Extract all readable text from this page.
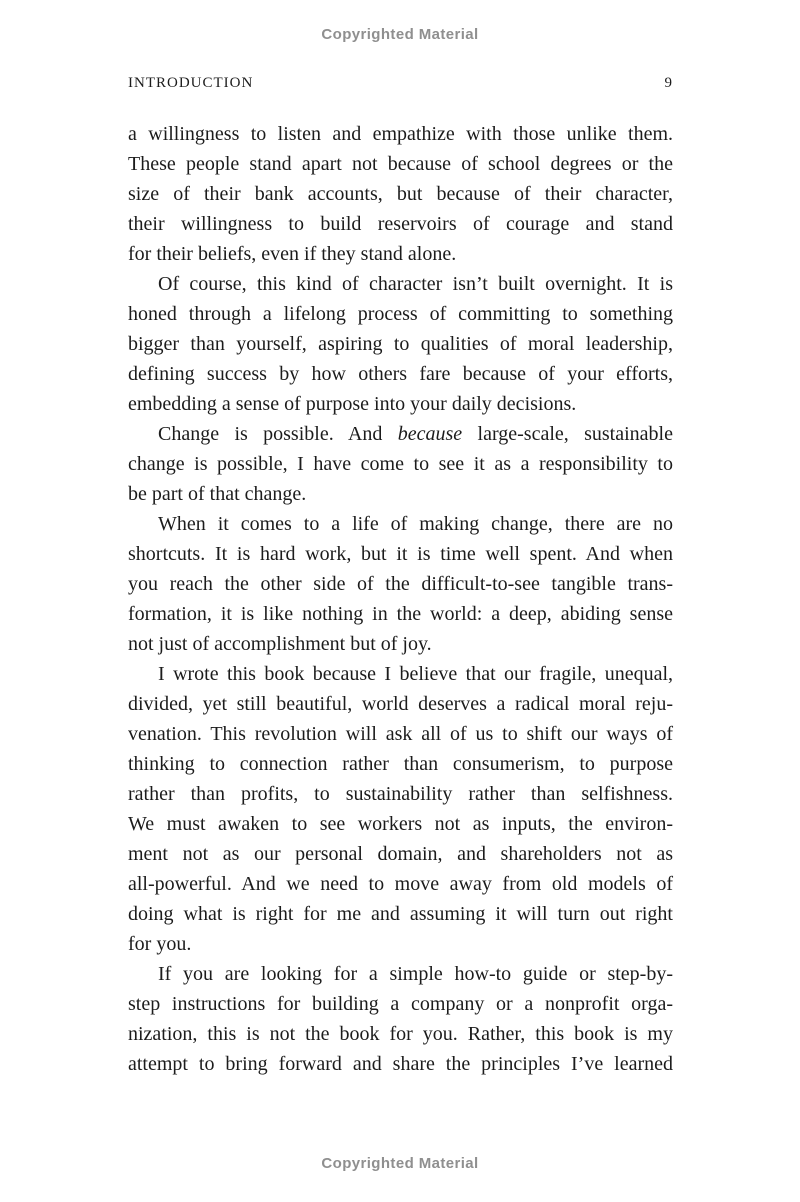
Copyrighted Material
INTRODUCTION	9
a willingness to listen and empathize with those unlike them.
These people stand apart not because of school degrees or the
size of their bank accounts, but because of their character,
their willingness to build reservoirs of courage and stand
for their beliefs, even if they stand alone.
Of course, this kind of character isn’t built overnight. It is
honed through a lifelong process of committing to something
bigger than yourself, aspiring to qualities of moral leadership,
defining success by how others fare because of your efforts,
embedding a sense of purpose into your daily decisions.
Change is possible. And because large-scale, sustainable
change is possible, I have come to see it as a responsibility to
be part of that change.
When it comes to a life of making change, there are no
shortcuts. It is hard work, but it is time well spent. And when
you reach the other side of the difficult-to-see tangible trans-
formation, it is like nothing in the world: a deep, abiding sense
not just of accomplishment but of joy.
I wrote this book because I believe that our fragile, unequal,
divided, yet still beautiful, world deserves a radical moral reju-
venation. This revolution will ask all of us to shift our ways of
thinking to connection rather than consumerism, to purpose
rather than profits, to sustainability rather than selfishness.
We must awaken to see workers not as inputs, the environ-
ment not as our personal domain, and shareholders not as
all-powerful. And we need to move away from old models of
doing what is right for me and assuming it will turn out right
for you.
If you are looking for a simple how-to guide or step-by-
step instructions for building a company or a nonprofit orga-
nization, this is not the book for you. Rather, this book is my
attempt to bring forward and share the principles I’ve learned
Copyrighted Material
